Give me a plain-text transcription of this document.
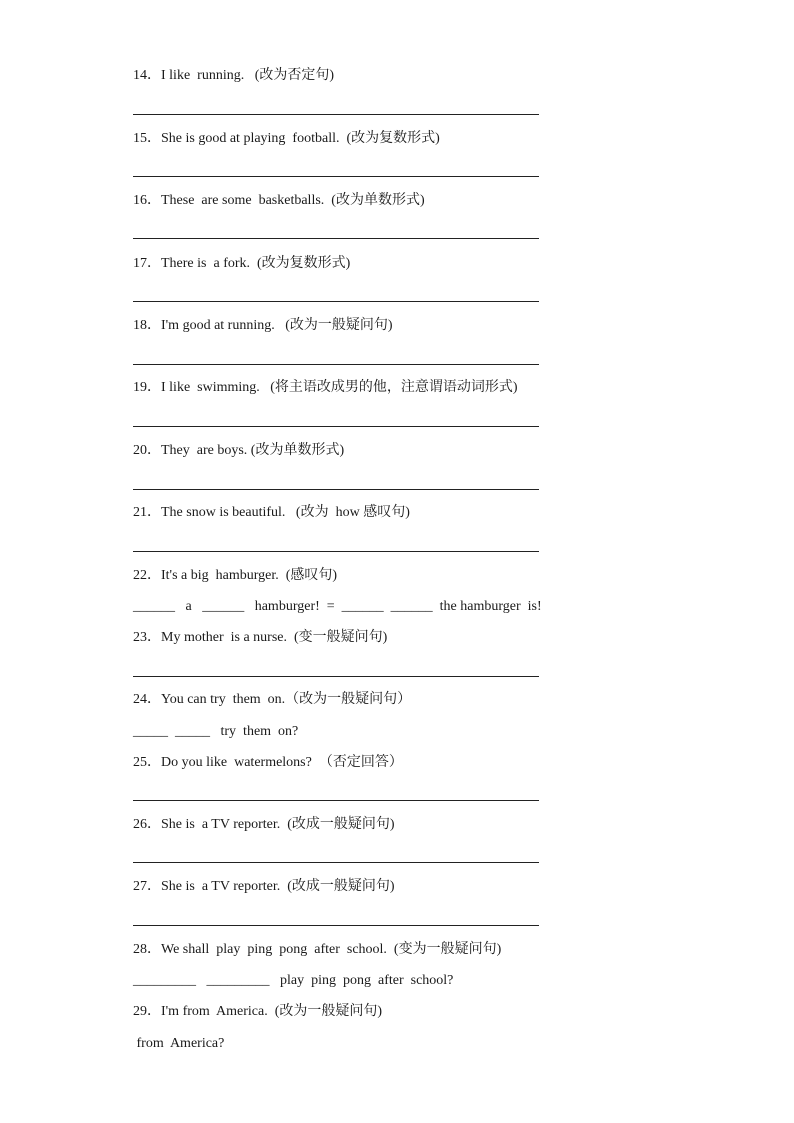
14．I like  running.   (改为否定句)
15．She is good at playing  football.  (改为复数形式)
16．These  are some  basketballs.  (改为单数形式)
17．There is  a fork.  (改为复数形式)
18．I'm good at running.   (改为一般疑问句)
19．I like  swimming.   (将主语改成男的他，注意谓语动词形式)
20．They  are boys. (改为单数形式)
21．The snow is beautiful.   (改为  how 感叹句)
22．It's a big  hamburger.  (感叹句)
______   a   ______   hamburger!  =  ______  ______  the hamburger  is!
23．My mother  is a nurse.  (变一般疑问句)
24．You can try  them  on.（改为一般疑问句）
_____  _____   try  them  on?
25．Do you like  watermelons?  （否定回答）
26．She is  a TV reporter.  (改成一般疑问句)
27．She is  a TV reporter.  (改成一般疑问句)
28．We shall  play  ping  pong  after  school.  (变为一般疑问句)
_________   _________   play  ping  pong  after  school?
29．I'm from  America.  (改为一般疑问句)
from  America?
